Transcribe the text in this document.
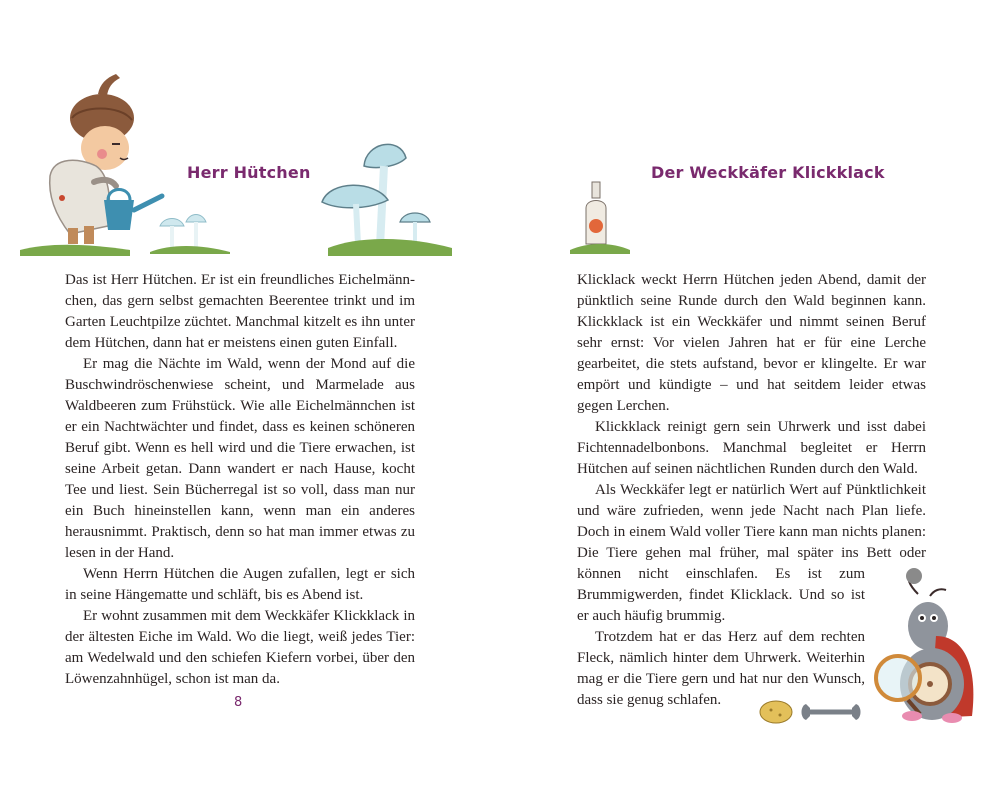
Herr Hütchen

Das ist Herr Hütchen. Er ist ein freundliches Eichelmännchen, das gern selbst gemachten Beerentee trinkt und im Garten Leuchtpilze züchtet. Manchmal kitzelt es ihn unter dem Hütchen, dann hat er meistens einen guten Einfall.

Er mag die Nächte im Wald, wenn der Mond auf die Buschwindröschenwiese scheint, und Marmelade aus Waldbeeren zum Frühstück. Wie alle Eichelmännchen ist er ein Nachtwächter und findet, dass es keinen schöneren Beruf gibt. Wenn es hell wird und die Tiere erwachen, ist seine Arbeit getan. Dann wandert er nach Hause, kocht Tee und liest. Sein Bücherregal ist so voll, dass man nur ein Buch hineinstellen kann, wenn man ein anderes herausnimmt. Praktisch, denn so hat man immer etwas zu lesen in der Hand.

Wenn Herrn Hütchen die Augen zufallen, legt er sich in seine Hängematte und schläft, bis es Abend ist.

Er wohnt zusammen mit dem Weckkäfer Klickklack in der ältesten Eiche im Wald. Wo die liegt, weiß jedes Tier: am Wedelwald und den schiefen Kiefern vorbei, über den Löwenzahnhügel, schon ist man da.

8
Der Weckkäfer Klickklack

Klicklack weckt Herrn Hütchen jeden Abend, damit der pünktlich seine Runde durch den Wald beginnen kann. Klickklack ist ein Weckkäfer und nimmt seinen Beruf sehr ernst: Vor vielen Jahren hat er für eine Lerche gearbeitet, die stets aufstand, bevor er klingelte. Er war empört und kündigte – und hat seitdem leider etwas gegen Lerchen.

Klickklack reinigt gern sein Uhrwerk und isst dabei Fichtennadelbonbons. Manchmal begleitet er Herrn Hütchen auf seinen nächtlichen Runden durch den Wald.

Als Weckkäfer legt er natürlich Wert auf Pünktlichkeit und wäre zufrieden, wenn jede Nacht nach Plan liefe. Doch in einem Wald voller Tiere kann man nichts planen: Die Tiere gehen mal früher, mal später ins Bett oder können nicht einschlafen. Es ist zum Brummigwerden, findet Klicklack. Und so ist er auch häufig brummig.

Trotzdem hat er das Herz auf dem rechten Fleck, nämlich hinter dem Uhrwerk. Weiterhin mag er die Tiere gern und hat nur den Wunsch, dass sie genug schlafen.
